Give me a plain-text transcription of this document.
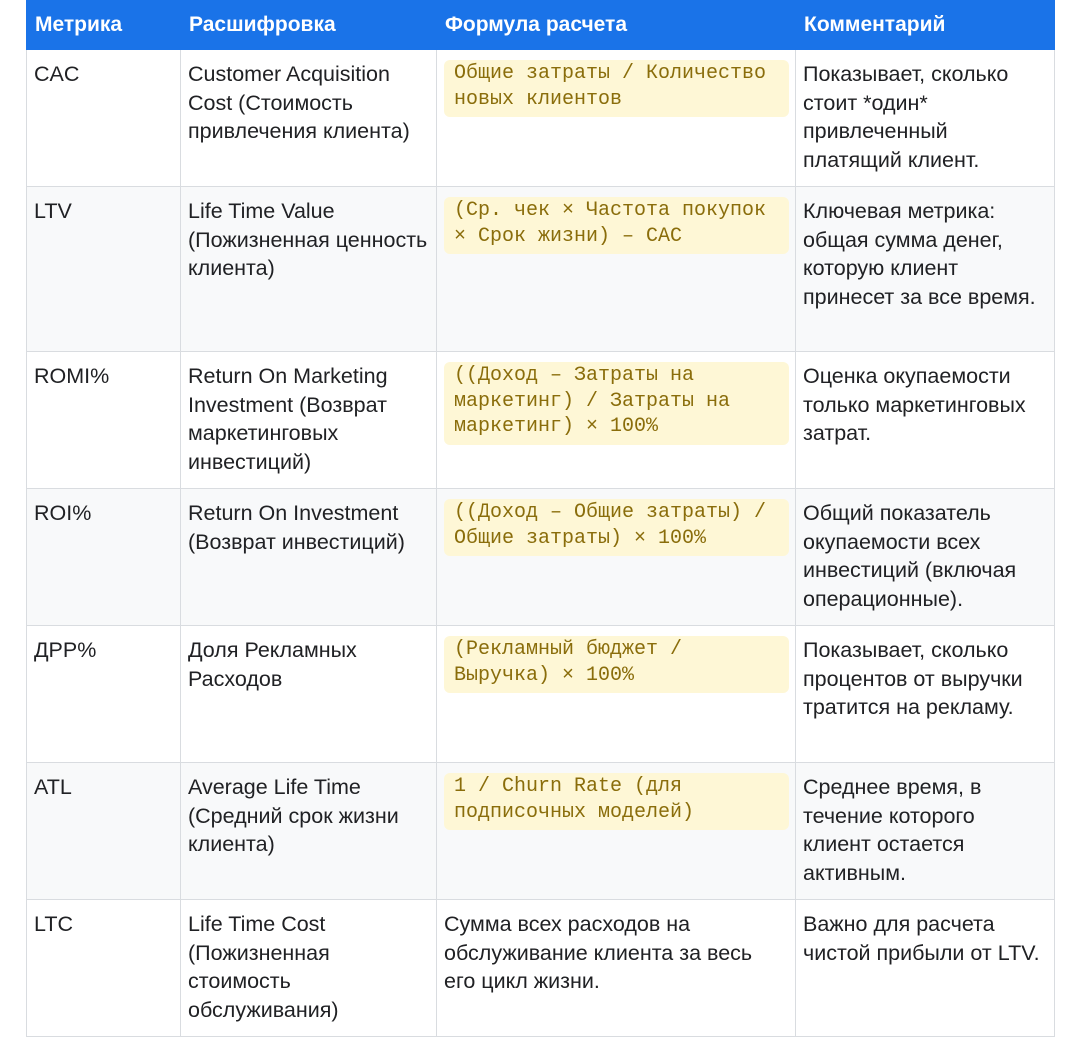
Метрика	Расшифровка	Формула расчета	Комментарий
CAC	Customer Acquisition Cost (Стоимость привлечения клиента)	Общие затраты / Количество новых клиентов	Показывает, сколько стоит *один* привлеченный платящий клиент.
LTV	Life Time Value (Пожизненная ценность клиента)	(Ср. чек × Частота покупок × Срок жизни) – CAC	Ключевая метрика: общая сумма денег, которую клиент принесет за все время.
ROMI%	Return On Marketing Investment (Возврат маркетинговых инвестиций)	((Доход – Затраты на маркетинг) / Затраты на маркетинг) × 100%	Оценка окупаемости только маркетинговых затрат.
ROI%	Return On Investment (Возврат инвестиций)	((Доход – Общие затраты) / Общие затраты) × 100%	Общий показатель окупаемости всех инвестиций (включая операционные).
ДРР%	Доля Рекламных Расходов	(Рекламный бюджет / Выручка) × 100%	Показывает, сколько процентов от выручки тратится на рекламу.
ATL	Average Life Time (Средний срок жизни клиента)	1 / Churn Rate (для подписочных моделей)	Среднее время, в течение которого клиент остается активным.
LTC	Life Time Cost (Пожизненная стоимость обслуживания)	Сумма всех расходов на обслуживание клиента за весь его цикл жизни.	Важно для расчета чистой прибыли от LTV.
